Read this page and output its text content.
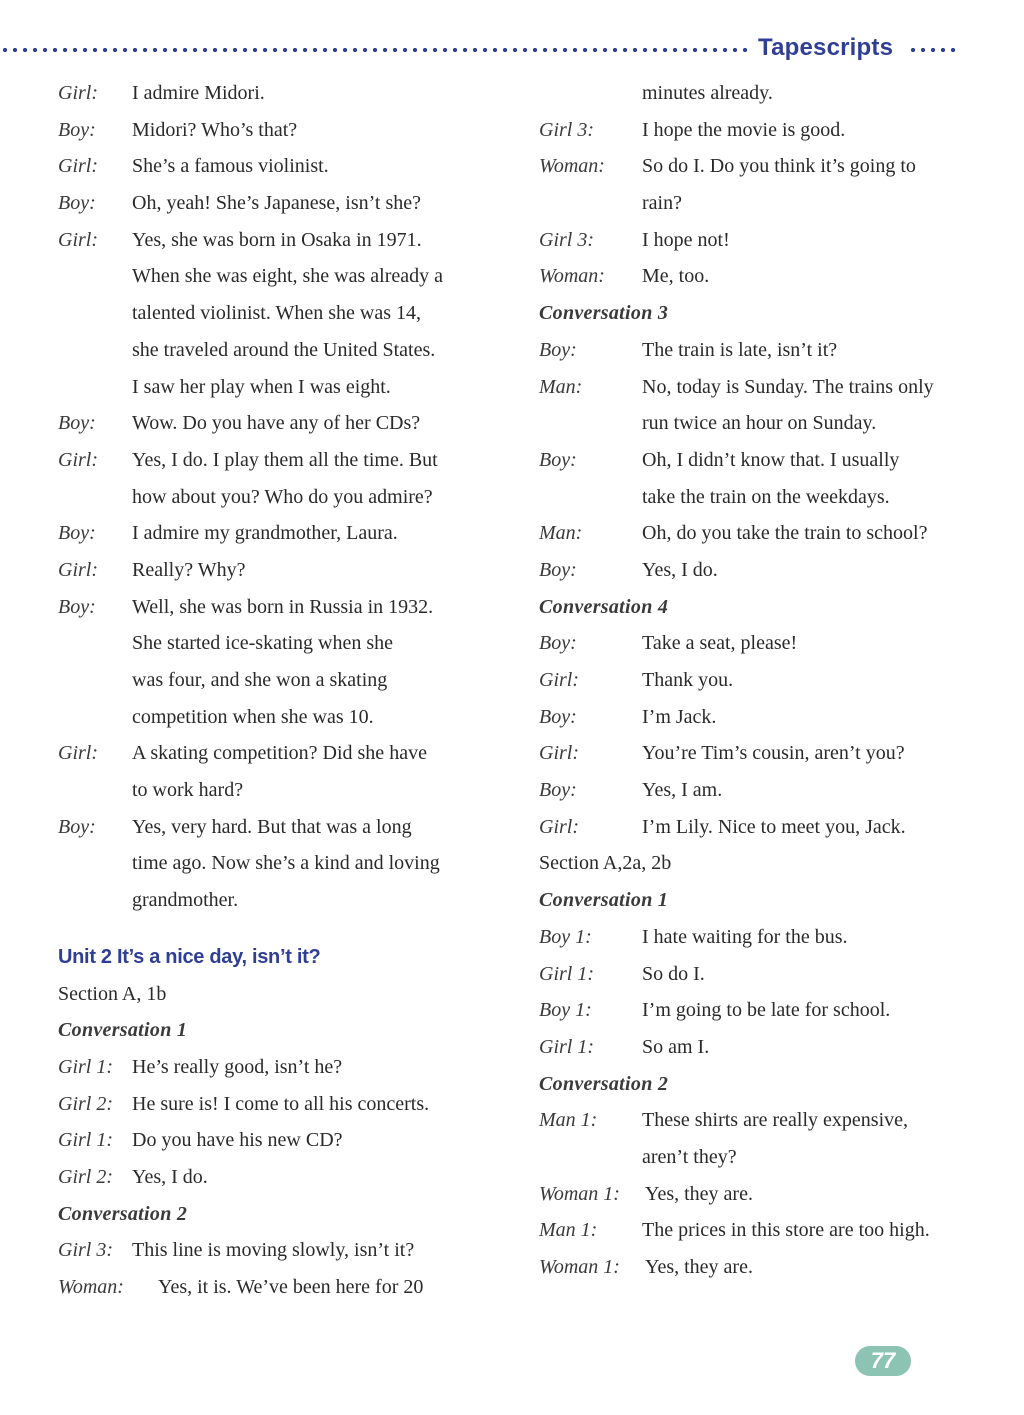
Tapescripts
Girl: I admire Midori.
Boy: Midori? Who’s that?
Girl: She’s a famous violinist.
Boy: Oh, yeah! She’s Japanese, isn’t she?
Girl: Yes, she was born in Osaka in 1971.
When she was eight, she was already a
talented violinist. When she was 14,
she traveled around the United States.
I saw her play when I was eight.
Boy: Wow. Do you have any of her CDs?
Girl: Yes, I do. I play them all the time. But
how about you? Who do you admire?
Boy: I admire my grandmother, Laura.
Girl: Really? Why?
Boy: Well, she was born in Russia in 1932.
She started ice-skating when she
was four, and she won a skating
competition when she was 10.
Girl: A skating competition? Did she have
to work hard?
Boy: Yes, very hard. But that was a long
time ago. Now she’s a kind and loving
grandmother.
Unit 2 It’s a nice day, isn’t it?
Section A, 1b
Conversation 1
Girl 1: He’s really good, isn’t he?
Girl 2: He sure is! I come to all his concerts.
Girl 1: Do you have his new CD?
Girl 2: Yes, I do.
Conversation 2
Girl 3: This line is moving slowly, isn’t it?
Woman: Yes, it is. We’ve been here for 20
minutes already.
Girl 3: I hope the movie is good.
Woman: So do I. Do you think it’s going to
rain?
Girl 3: I hope not!
Woman: Me, too.
Conversation 3
Boy:	The train is late, isn’t it?
Man:	No, today is Sunday. The trains only
run twice an hour on Sunday.
Boy:	Oh, I didn’t know that. I usually
take the train on the weekdays.
Man:	Oh, do you take the train to school?
Boy:	Yes, I do.
Conversation 4
Boy:	Take a seat, please!
Girl:	Thank you.
Boy:	I’m Jack.
Girl:	You’re Tim’s cousin, aren’t you?
Boy:	Yes, I am.
Girl:	I’m Lily. Nice to meet you, Jack.
Section A,2a, 2b
Conversation 1
Boy 1:	I hate waiting for the bus.
Girl 1: So do I.
Boy 1:	I’m going to be late for school.
Girl 1: So am I.
Conversation 2
Man 1: These shirts are really expensive,
aren’t they?
Woman 1: Yes, they are.
Man 1: The prices in this store are too high.
Woman 1: Yes, they are.
77
